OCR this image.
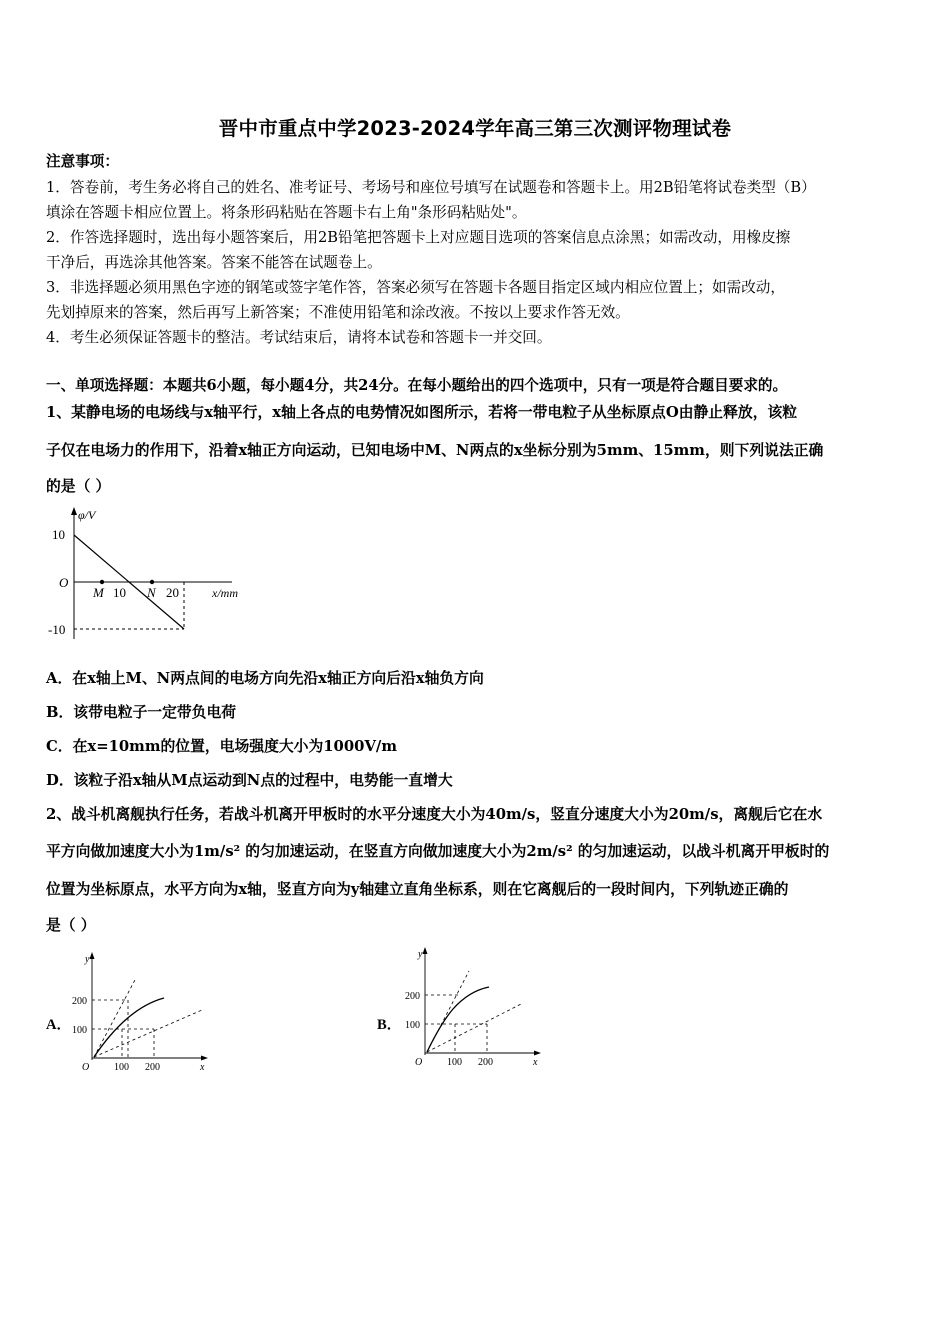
晋中市重点中学2023-2024学年高三第三次测评物理试卷
注意事项：
1．答卷前，考生务必将自己的姓名、准考证号、考场号和座位号填写在试题卷和答题卡上。用2B铅笔将试卷类型（B）
填涂在答题卡相应位置上。将条形码粘贴在答题卡右上角"条形码粘贴处"。
2．作答选择题时，选出每小题答案后，用2B铅笔把答题卡上对应题目选项的答案信息点涂黑；如需改动，用橡皮擦
干净后，再选涂其他答案。答案不能答在试题卷上。
3．非选择题必须用黑色字迹的钢笔或签字笔作答，答案必须写在答题卡各题目指定区域内相应位置上；如需改动，
先划掉原来的答案，然后再写上新答案；不准使用铅笔和涂改液。不按以上要求作答无效。
4．考生必须保证答题卡的整洁。考试结束后，请将本试卷和答题卡一并交回。
一、单项选择题：本题共6小题，每小题4分，共24分。在每小题给出的四个选项中，只有一项是符合题目要求的。
1、某静电场的电场线与x轴平行，x轴上各点的电势情况如图所示，若将一带电粒子从坐标原点O由静止释放，该粒
子仅在电场力的作用下，沿着x轴正方向运动，已知电场中M、N两点的x坐标分别为5mm、15mm，则下列说法正确
的是（ ）
φ/V
10
-10
O
M 10 N 20	x/mm
A．在x轴上M、N两点间的电场方向先沿x轴正方向后沿x轴负方向
B．该带电粒子一定带负电荷
C．在x=10mm的位置，电场强度大小为1000V/m
D．该粒子沿x轴从M点运动到N点的过程中，电势能一直增大
2、战斗机离舰执行任务，若战斗机离开甲板时的水平分速度大小为40m/s，竖直分速度大小为20m/s，离舰后它在水
平方向做加速度大小为1m/s² 的匀加速运动，在竖直方向做加速度大小为2m/s² 的匀加速运动，以战斗机离开甲板时的
位置为坐标原点，水平方向为x轴，竖直方向为y轴建立直角坐标系，则在它离舰后的一段时间内，下列轨迹正确的
是（ ）
A．
y
200
100
O 100 200	x
B．
y
200
100
O 100 200	x
